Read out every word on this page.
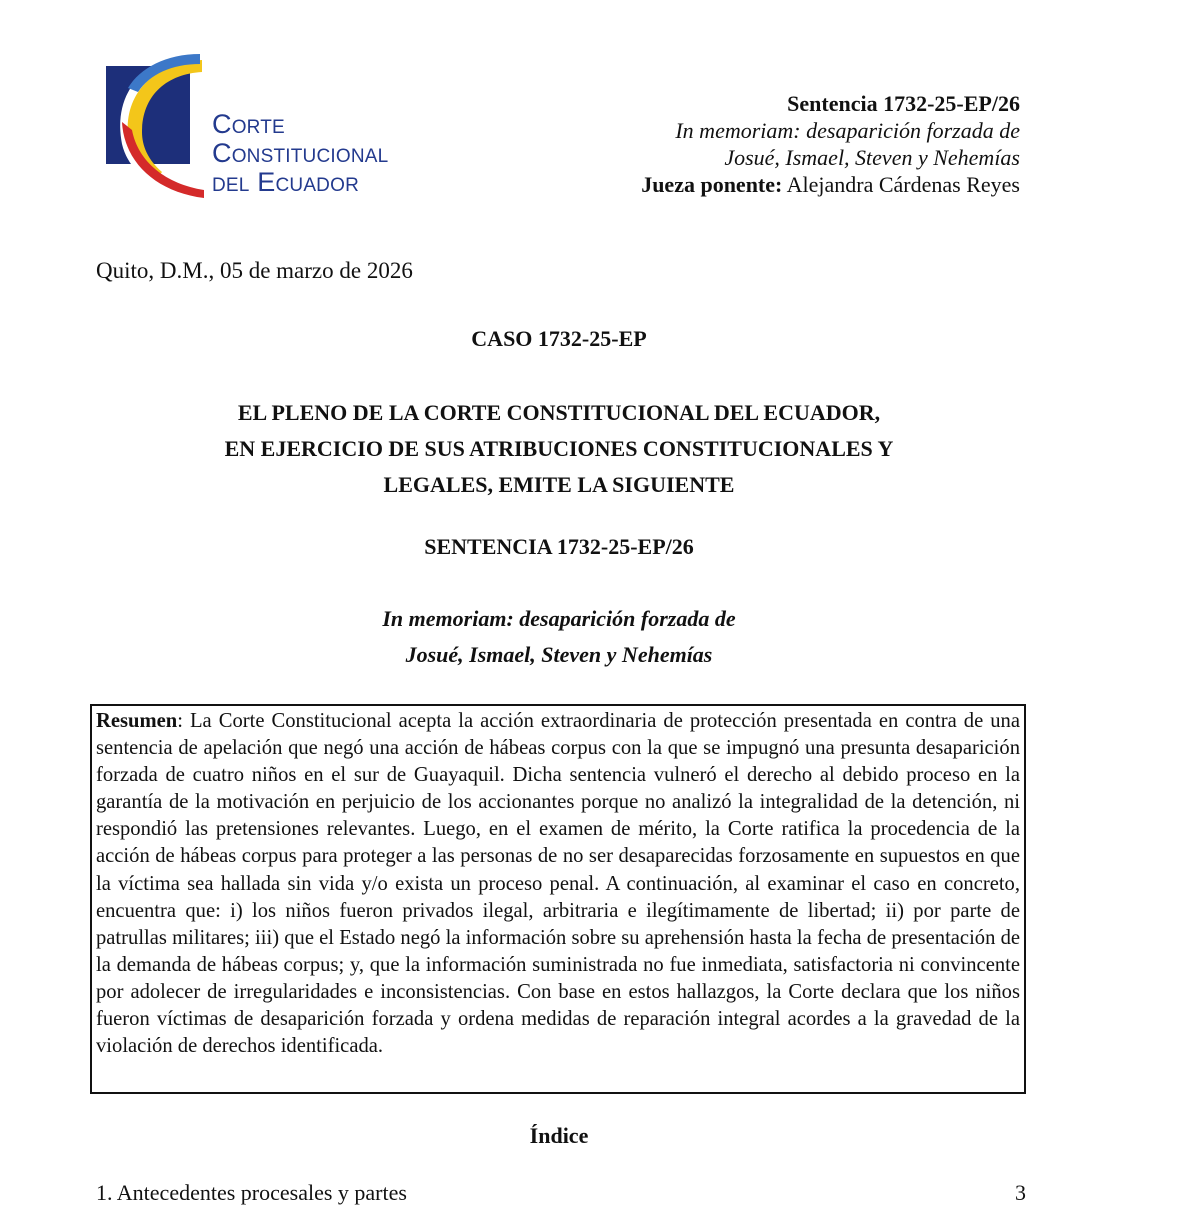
Corte
Constitucional
del Ecuador
Sentencia 1732-25-EP/26
In memoriam: desaparición forzada de
Josué, Ismael, Steven y Nehemías
Jueza ponente: Alejandra Cárdenas Reyes
Quito, D.M., 05 de marzo de 2026
CASO 1732-25-EP
EL PLENO DE LA CORTE CONSTITUCIONAL DEL ECUADOR,
EN EJERCICIO DE SUS ATRIBUCIONES CONSTITUCIONALES Y
LEGALES, EMITE LA SIGUIENTE
SENTENCIA 1732-25-EP/26
In memoriam: desaparición forzada de
Josué, Ismael, Steven y Nehemías
Resumen: La Corte Constitucional acepta la acción extraordinaria de protección presentada en contra de una sentencia de apelación que negó una acción de hábeas corpus con la que se impugnó una presunta desaparición forzada de cuatro niños en el sur de Guayaquil. Dicha sentencia vulneró el derecho al debido proceso en la garantía de la motivación en perjuicio de los accionantes porque no analizó la integralidad de la detención, ni respondió las pretensiones relevantes. Luego, en el examen de mérito, la Corte ratifica la procedencia de la acción de hábeas corpus para proteger a las personas de no ser desaparecidas forzosamente en supuestos en que la víctima sea hallada sin vida y/o exista un proceso penal. A continuación, al examinar el caso en concreto, encuentra que: i) los niños fueron privados ilegal, arbitraria e ilegítimamente de libertad; ii) por parte de patrullas militares; iii) que el Estado negó la información sobre su aprehensión hasta la fecha de presentación de la demanda de hábeas corpus; y, que la información suministrada no fue inmediata, satisfactoria ni convincente por adolecer de irregularidades e inconsistencias. Con base en estos hallazgos, la Corte declara que los niños fueron víctimas de desaparición forzada y ordena medidas de reparación integral acordes a la gravedad de la violación de derechos identificada.
Índice
1. Antecedentes procesales y partes	3
